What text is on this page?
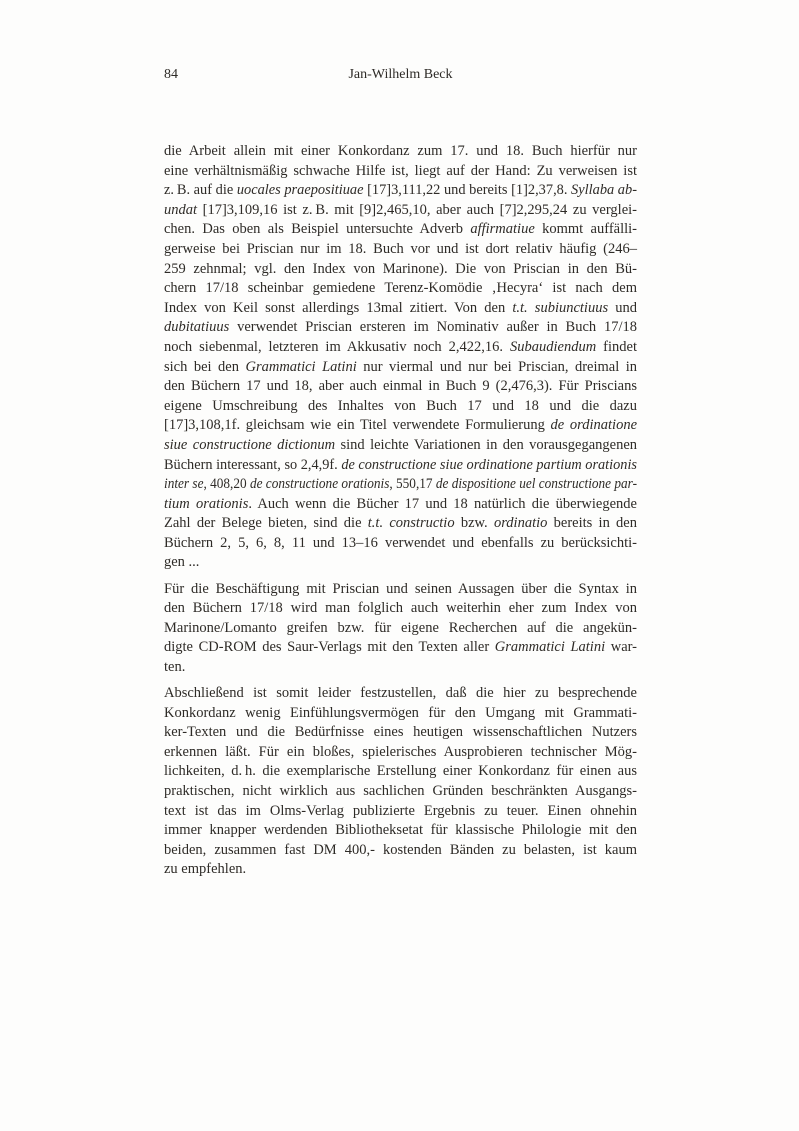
84	Jan-Wilhelm Beck
die Arbeit allein mit einer Konkordanz zum 17. und 18. Buch hierfür nur
eine verhältnismäßig schwache Hilfe ist, liegt auf der Hand: Zu verweisen ist
z. B. auf die uocales praepositiuae [17]3,111,22 und bereits [1]2,37,8. Syllaba ab-
undat [17]3,109,16 ist z. B. mit [9]2,465,10, aber auch [7]2,295,24 zu verglei-
chen. Das oben als Beispiel untersuchte Adverb affirmatiue kommt auffälli-
gerweise bei Priscian nur im 18. Buch vor und ist dort relativ häufig (246–
259 zehnmal; vgl. den Index von Marinone). Die von Priscian in den Bü-
chern 17/18 scheinbar gemiedene Terenz-Komödie ‚Hecyra‘ ist nach dem
Index von Keil sonst allerdings 13mal zitiert. Von den t.t. subiunctiuus und
dubitatiuus verwendet Priscian ersteren im Nominativ außer in Buch 17/18
noch siebenmal, letzteren im Akkusativ noch 2,422,16. Subaudiendum findet
sich bei den Grammatici Latini nur viermal und nur bei Priscian, dreimal in
den Büchern 17 und 18, aber auch einmal in Buch 9 (2,476,3). Für Priscians
eigene Umschreibung des Inhaltes von Buch 17 und 18 und die dazu
[17]3,108,1f. gleichsam wie ein Titel verwendete Formulierung de ordinatione
siue constructione dictionum sind leichte Variationen in den vorausgegangenen
Büchern interessant, so 2,4,9f. de constructione siue ordinatione partium orationis
inter se, 408,20 de constructione orationis, 550,17 de dispositione uel constructione par-
tium orationis. Auch wenn die Bücher 17 und 18 natürlich die überwiegende
Zahl der Belege bieten, sind die t.t. constructio bzw. ordinatio bereits in den
Büchern 2, 5, 6, 8, 11 und 13–16 verwendet und ebenfalls zu berücksichti-
gen ...
Für die Beschäftigung mit Priscian und seinen Aussagen über die Syntax in
den Büchern 17/18 wird man folglich auch weiterhin eher zum Index von
Marinone/Lomanto greifen bzw. für eigene Recherchen auf die angekün-
digte CD-ROM des Saur-Verlags mit den Texten aller Grammatici Latini war-
ten.
Abschließend ist somit leider festzustellen, daß die hier zu besprechende
Konkordanz wenig Einfühlungsvermögen für den Umgang mit Grammati-
ker-Texten und die Bedürfnisse eines heutigen wissenschaftlichen Nutzers
erkennen läßt. Für ein bloßes, spielerisches Ausprobieren technischer Mög-
lichkeiten, d. h. die exemplarische Erstellung einer Konkordanz für einen aus
praktischen, nicht wirklich aus sachlichen Gründen beschränkten Ausgangs-
text ist das im Olms-Verlag publizierte Ergebnis zu teuer. Einen ohnehin
immer knapper werdenden Bibliotheksetat für klassische Philologie mit den
beiden, zusammen fast DM 400,- kostenden Bänden zu belasten, ist kaum
zu empfehlen.
